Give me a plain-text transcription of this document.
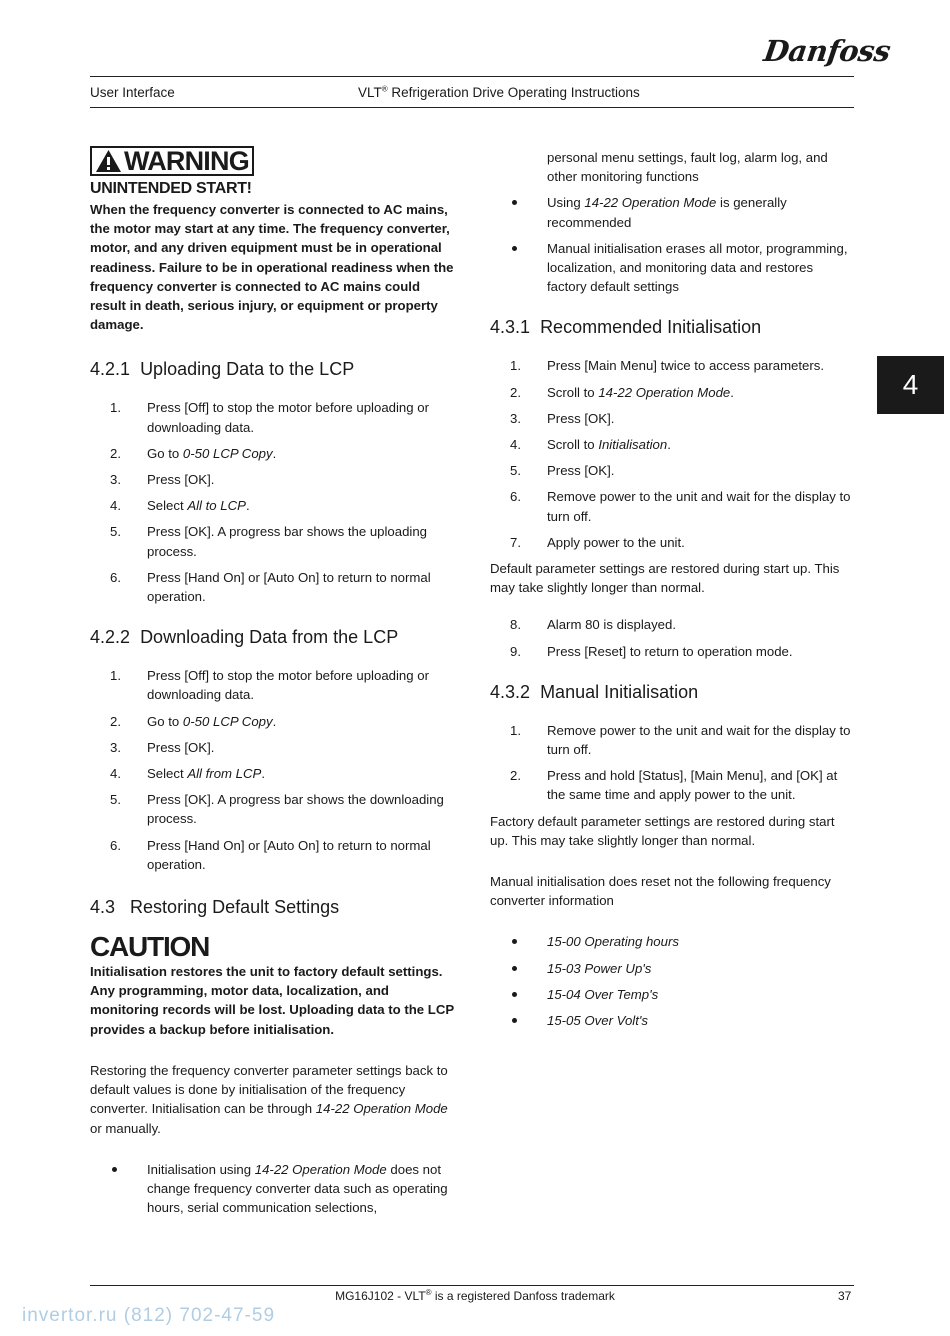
Danfoss
User Interface	VLT® Refrigeration Drive Operating Instructions
4
WARNING
UNINTENDED START!
When the frequency converter is connected to AC mains, the motor may start at any time. The frequency converter, motor, and any driven equipment must be in operational readiness. Failure to be in operational readiness when the frequency converter is connected to AC mains could result in death, serious injury, or equipment or property damage.
4.2.1 Uploading Data to the LCP
1. Press [Off] to stop the motor before uploading or downloading data.
2. Go to 0-50 LCP Copy.
3. Press [OK].
4. Select All to LCP.
5. Press [OK]. A progress bar shows the uploading process.
6. Press [Hand On] or [Auto On] to return to normal operation.
4.2.2 Downloading Data from the LCP
1. Press [Off] to stop the motor before uploading or downloading data.
2. Go to 0-50 LCP Copy.
3. Press [OK].
4. Select All from LCP.
5. Press [OK]. A progress bar shows the downloading process.
6. Press [Hand On] or [Auto On] to return to normal operation.
4.3 Restoring Default Settings
CAUTION
Initialisation restores the unit to factory default settings. Any programming, motor data, localization, and monitoring records will be lost. Uploading data to the LCP provides a backup before initialisation.

Restoring the frequency converter parameter settings back to default values is done by initialisation of the frequency converter. Initialisation can be through 14-22 Operation Mode or manually.

Initialisation using 14-22 Operation Mode does not change frequency converter data such as operating hours, serial communication selections,
personal menu settings, fault log, alarm log, and other monitoring functions
Using 14-22 Operation Mode is generally recommended
Manual initialisation erases all motor, programming, localization, and monitoring data and restores factory default settings
4.3.1 Recommended Initialisation
1. Press [Main Menu] twice to access parameters.
2. Scroll to 14-22 Operation Mode.
3. Press [OK].
4. Scroll to Initialisation.
5. Press [OK].
6. Remove power to the unit and wait for the display to turn off.
7. Apply power to the unit.

Default parameter settings are restored during start up. This may take slightly longer than normal.

8. Alarm 80 is displayed.
9. Press [Reset] to return to operation mode.
4.3.2 Manual Initialisation
1. Remove power to the unit and wait for the display to turn off.
2. Press and hold [Status], [Main Menu], and [OK] at the same time and apply power to the unit.

Factory default parameter settings are restored during start up. This may take slightly longer than normal.

Manual initialisation does reset not the following frequency converter information

15-00 Operating hours
15-03 Power Up's
15-04 Over Temp's
15-05 Over Volt's
MG16J102 - VLT® is a registered Danfoss trademark	37
invertor.ru (812) 702-47-59
